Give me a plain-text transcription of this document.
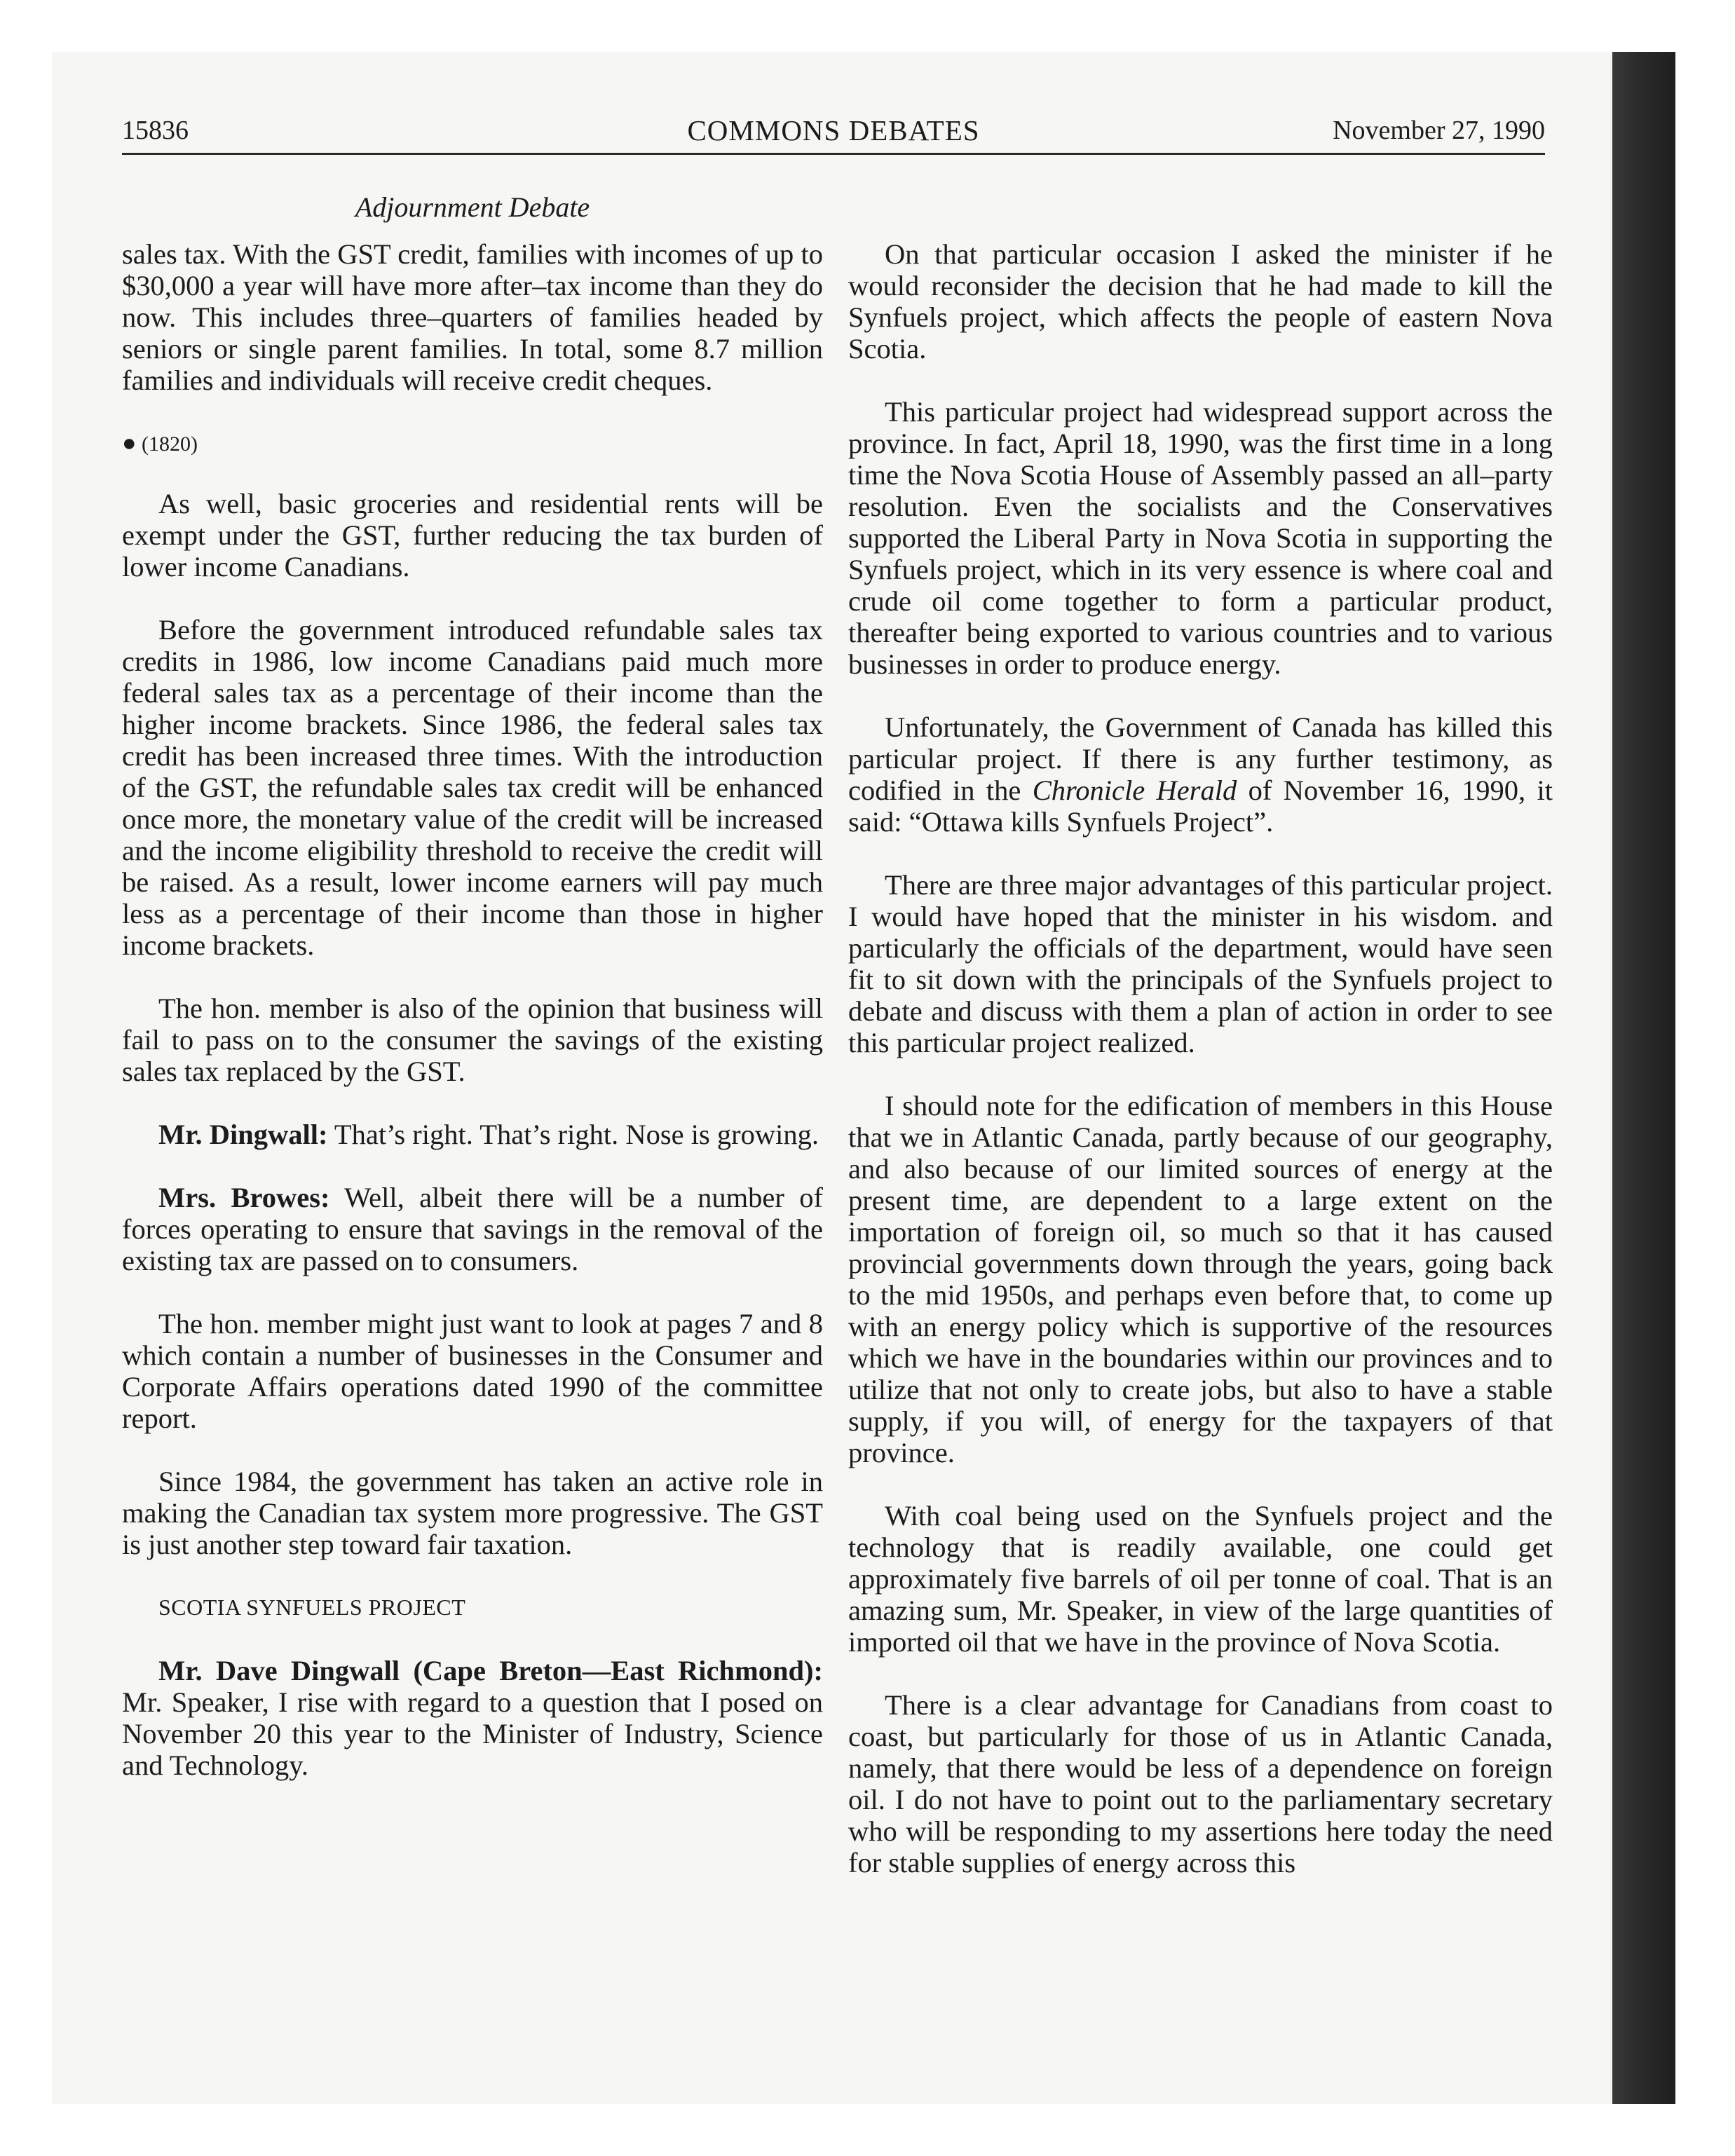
15836	COMMONS DEBATES	November 27, 1990
Adjournment Debate

sales tax. With the GST credit, families with incomes of up to $30,000 a year will have more after–tax income than they do now. This includes three–quarters of families headed by seniors or single parent families. In total, some 8.7 million families and individuals will receive credit cheques.

● (1820)

As well, basic groceries and residential rents will be exempt under the GST, further reducing the tax burden of lower income Canadians.

Before the government introduced refundable sales tax credits in 1986, low income Canadians paid much more federal sales tax as a percentage of their income than the higher income brackets. Since 1986, the federal sales tax credit has been increased three times. With the introduction of the GST, the refundable sales tax credit will be enhanced once more, the monetary value of the credit will be increased and the income eligibility threshold to receive the credit will be raised. As a result, lower income earners will pay much less as a percentage of their income than those in higher income brackets.

The hon. member is also of the opinion that business will fail to pass on to the consumer the savings of the existing sales tax replaced by the GST.

Mr. Dingwall: That’s right. That’s right. Nose is growing.

Mrs. Browes: Well, albeit there will be a number of forces operating to ensure that savings in the removal of the existing tax are passed on to consumers.

The hon. member might just want to look at pages 7 and 8 which contain a number of businesses in the Consumer and Corporate Affairs operations dated 1990 of the committee report.

Since 1984, the government has taken an active role in making the Canadian tax system more progressive. The GST is just another step toward fair taxation.

SCOTIA SYNFUELS PROJECT

Mr. Dave Dingwall (Cape Breton—East Richmond): Mr. Speaker, I rise with regard to a question that I posed on November 20 this year to the Minister of Industry, Science and Technology.

On that particular occasion I asked the minister if he would reconsider the decision that he had made to kill the Synfuels project, which affects the people of eastern Nova Scotia.

This particular project had widespread support across the province. In fact, April 18, 1990, was the first time in a long time the Nova Scotia House of Assembly passed an all–party resolution. Even the socialists and the Conservatives supported the Liberal Party in Nova Scotia in supporting the Synfuels project, which in its very essence is where coal and crude oil come together to form a particular product, thereafter being exported to various countries and to various businesses in order to produce energy.

Unfortunately, the Government of Canada has killed this particular project. If there is any further testimony, as codified in the Chronicle Herald of November 16, 1990, it said: “Ottawa kills Synfuels Project”.

There are three major advantages of this particular project. I would have hoped that the minister in his wisdom. and particularly the officials of the department, would have seen fit to sit down with the principals of the Synfuels project to debate and discuss with them a plan of action in order to see this particular project realized.

I should note for the edification of members in this House that we in Atlantic Canada, partly because of our geography, and also because of our limited sources of energy at the present time, are dependent to a large extent on the importation of foreign oil, so much so that it has caused provincial governments down through the years, going back to the mid 1950s, and perhaps even before that, to come up with an energy policy which is supportive of the resources which we have in the boundaries within our provinces and to utilize that not only to create jobs, but also to have a stable supply, if you will, of energy for the taxpayers of that province.

With coal being used on the Synfuels project and the technology that is readily available, one could get approximately five barrels of oil per tonne of coal. That is an amazing sum, Mr. Speaker, in view of the large quantities of imported oil that we have in the province of Nova Scotia.

There is a clear advantage for Canadians from coast to coast, but particularly for those of us in Atlantic Canada, namely, that there would be less of a dependence on foreign oil. I do not have to point out to the parliamentary secretary who will be responding to my assertions here today the need for stable supplies of energy across this
